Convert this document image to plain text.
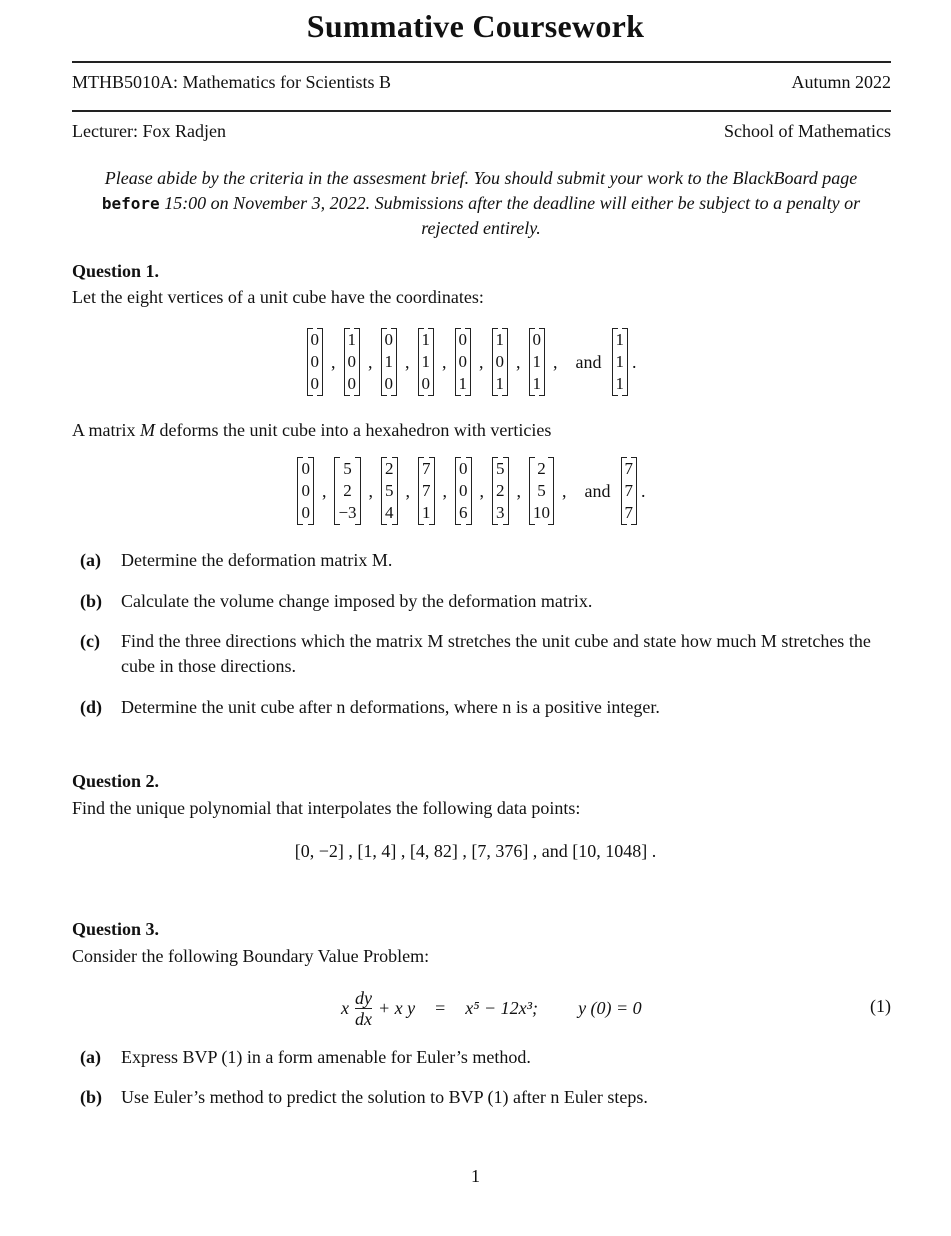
Summative Coursework
MTHB5010A: Mathematics for Scientists B	Autumn 2022
Lecturer: Fox Radjen	School of Mathematics
Please abide by the criteria in the assesment brief. You should submit your work to the BlackBoard page before 15:00 on November 3, 2022. Submissions after the deadline will either be subject to a penalty or rejected entirely.
Question 1.
Let the eight vertices of a unit cube have the coordinates:
0
0
0
,
1
0
0
,
0
1
0
,
1
1
0
,
0
0
1
,
1
0
1
,
0
1
1
, and
1
1
1
.
A matrix M deforms the unit cube into a hexahedron with verticies
0
0
0
,
5
2
−3
,
2
5
4
,
7
7
1
,
0
0
6
,
5
2
3
,
2
5
10
, and
7
7
7
.
(a) Determine the deformation matrix M.
(b) Calculate the volume change imposed by the deformation matrix.
(c) Find the three directions which the matrix M stretches the unit cube and state how much M stretches the cube in those directions.
(d) Determine the unit cube after n deformations, where n is a positive integer.
Question 2.
Find the unique polynomial that interpolates the following data points:
[0, −2] , [1, 4] , [4, 82] , [7, 376] , and [10, 1048] .
Question 3.
Consider the following Boundary Value Problem:
x $\frac{dy}{dx} + x$ y = x⁵ − 12x³; y (0) = 0	(1)
(a) Express BVP (1) in a form amenable for Euler’s method.
(b) Use Euler’s method to predict the solution to BVP (1) after n Euler steps.
1
